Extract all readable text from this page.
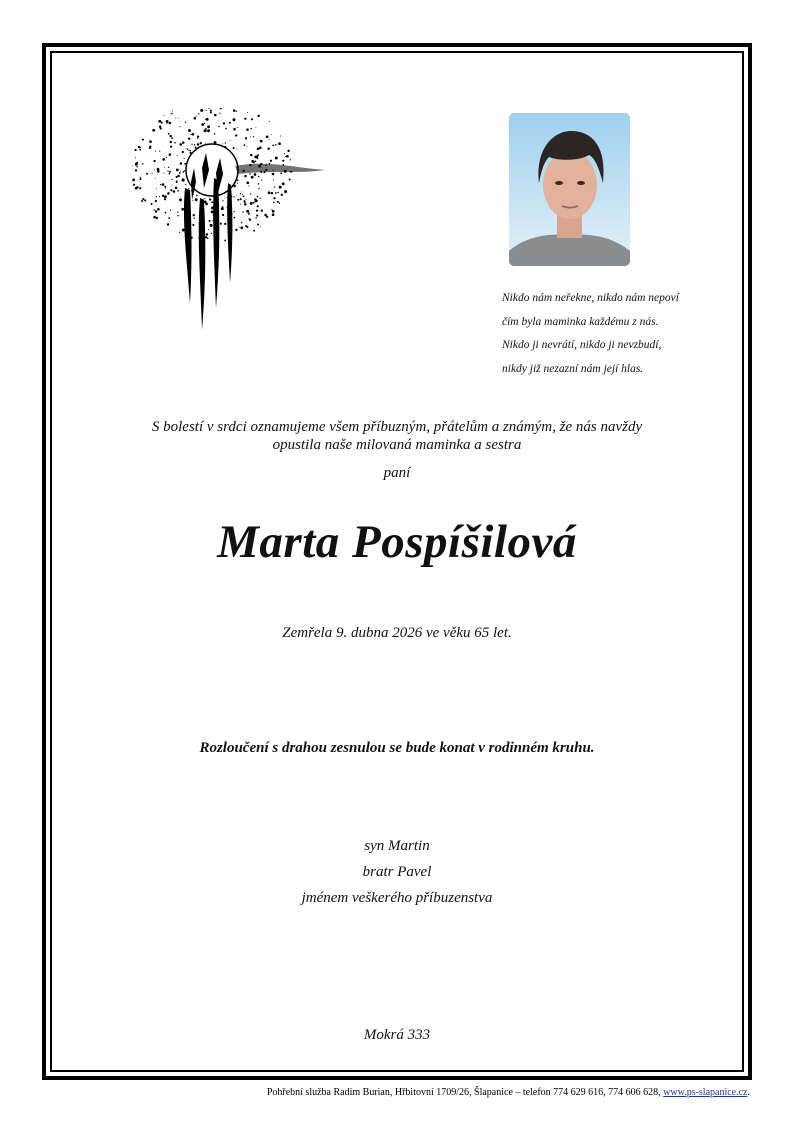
Nikdo nám neřekne, nikdo nám nepoví
čím byla maminka každému z nás.
Nikdo ji nevrátí, nikdo ji nevzbudí,
nikdy již nezazní nám její hlas.
S bolestí v srdci oznamujeme všem příbuzným, přátelům a známým, že nás navždy
opustila naše milovaná maminka a sestra
paní
Marta Pospíšilová
Zemřela 9. dubna 2026 ve věku 65 let.
Rozloučení s drahou zesnulou se bude konat v rodinném kruhu.
syn Martin
bratr Pavel
jménem veškerého příbuzenstva
Mokrá 333
Pohřební služba Radim Burian, Hřbitovní 1709/26, Šlapanice – telefon 774 629 616, 774 606 628, www.ps-slapanice.cz.
